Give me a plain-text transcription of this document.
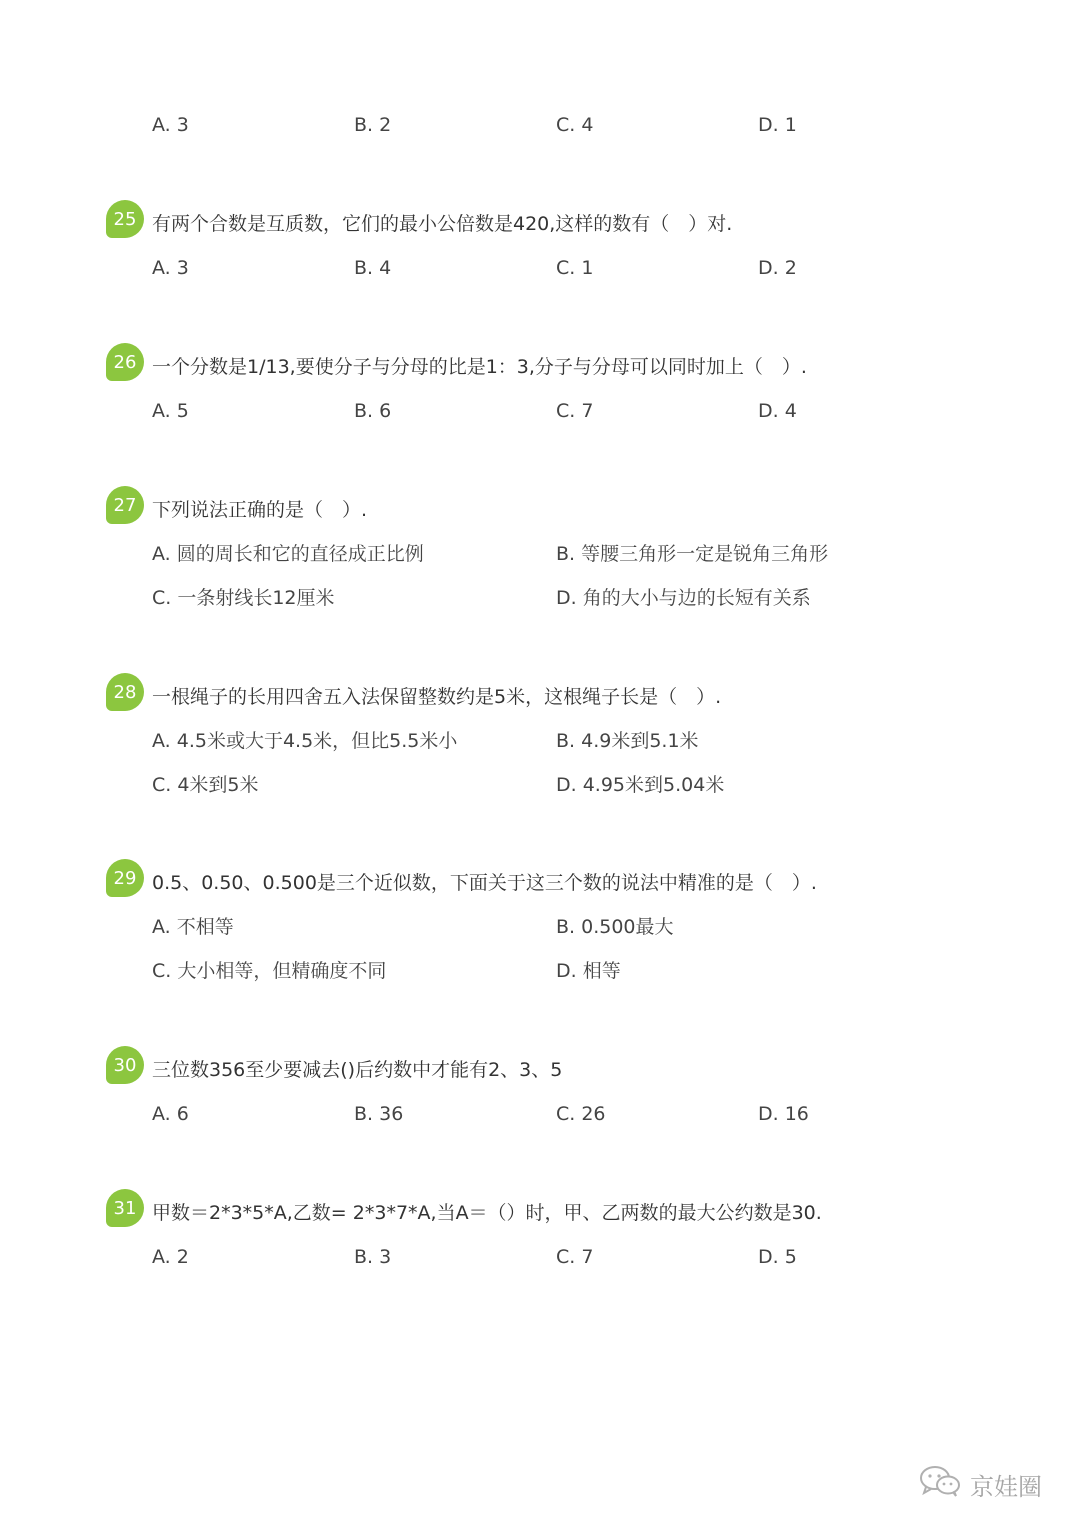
A. 3	B. 2	C. 4	D. 1
25 有两个合数是互质数，它们的最小公倍数是420,这样的数有（　）对.
A. 3	B. 4	C. 1	D. 2
26 一个分数是1/13,要使分子与分母的比是1：3,分子与分母可以同时加上（　）.
A. 5	B. 6	C. 7	D. 4
27 下列说法正确的是（　）.
A. 圆的周长和它的直径成正比例	B. 等腰三角形一定是锐角三角形
C. 一条射线长12厘米	D. 角的大小与边的长短有关系
28 一根绳子的长用四舍五入法保留整数约是5米，这根绳子长是（　）.
A. 4.5米或大于4.5米，但比5.5米小	B. 4.9米到5.1米
C. 4米到5米	D. 4.95米到5.04米
29 0.5、0.50、0.500是三个近似数，下面关于这三个数的说法中精准的是（　）.
A. 不相等	B. 0.500最大
C. 大小相等，但精确度不同	D. 相等
30 三位数356至少要减去()后约数中才能有2、3、5
A. 6	B. 36	C. 26	D. 16
31 甲数＝2*3*5*A,乙数= 2*3*7*A,当A＝（）时，甲、乙两数的最大公约数是30.
A. 2	B. 3	C. 7	D. 5
京娃圈
